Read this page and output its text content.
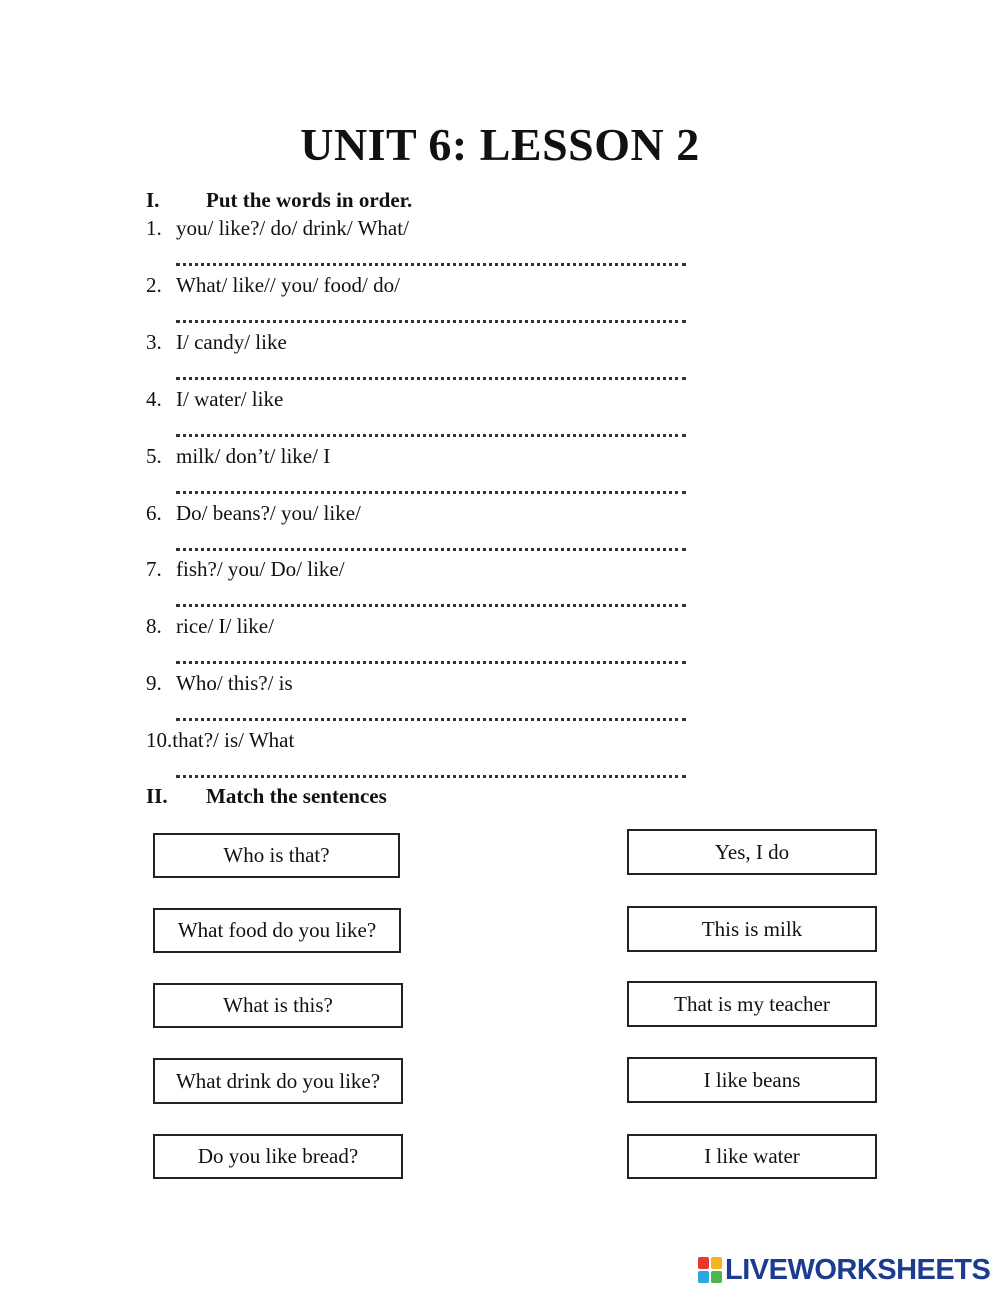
UNIT 6: LESSON 2
I. Put the words in order.
1. you/ like?/ do/ drink/ What/
2. What/ like// you/ food/ do/
3. I/ candy/ like
4. I/ water/ like
5. milk/ don’t/ like/ I
6. Do/ beans?/ you/ like/
7. fish?/ you/ Do/ like/
8. rice/ I/ like/
9. Who/ this?/ is
10.that?/ is/ What
II. Match the sentences
Who is that?
What food do you like?
What is this?
What drink do you like?
Do you like bread?
Yes, I do
This is milk
That is my teacher
I like beans
I like water
LIVEWORKSHEETS
